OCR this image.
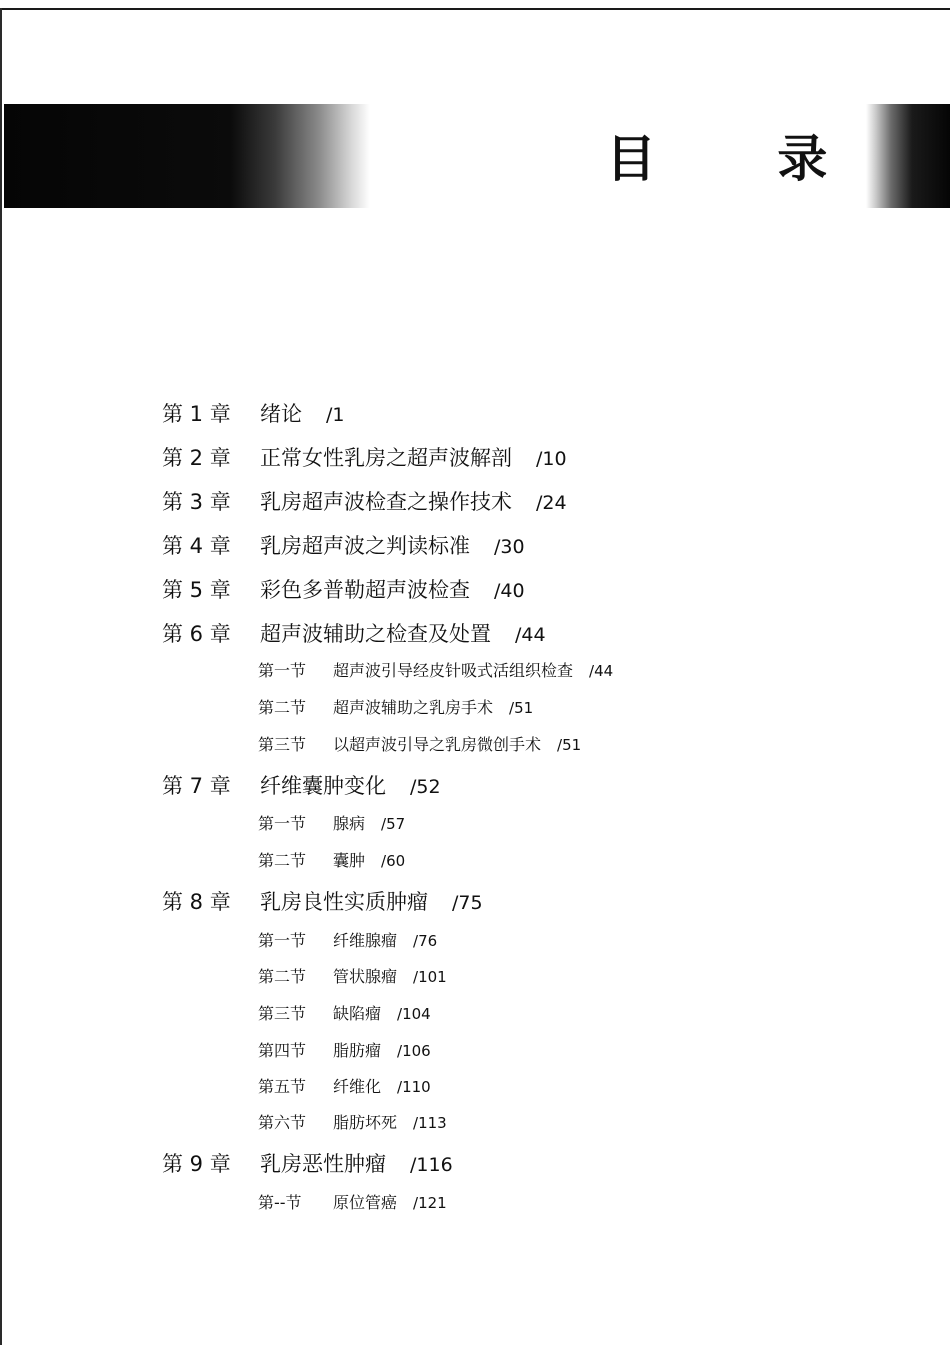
目 录
第 1 章 绪论 /1
第 2 章 正常女性乳房之超声波解剖 /10
第 3 章 乳房超声波检查之操作技术 /24
第 4 章 乳房超声波之判读标准 /30
第 5 章 彩色多普勒超声波检查 /40
第 6 章 超声波辅助之检查及处置 /44
第一节 超声波引导经皮针吸式活组织检查 /44
第二节 超声波辅助之乳房手术 /51
第三节 以超声波引导之乳房微创手术 /51
第 7 章 纤维囊肿变化 /52
第一节 腺病 /57
第二节 囊肿 /60
第 8 章 乳房良性实质肿瘤 /75
第一节 纤维腺瘤 /76
第二节 管状腺瘤 /101
第三节 缺陷瘤 /104
第四节 脂肪瘤 /106
第五节 纤维化 /110
第六节 脂肪坏死 /113
第 9 章 乳房恶性肿瘤 /116
第--节 原位管癌 /121
